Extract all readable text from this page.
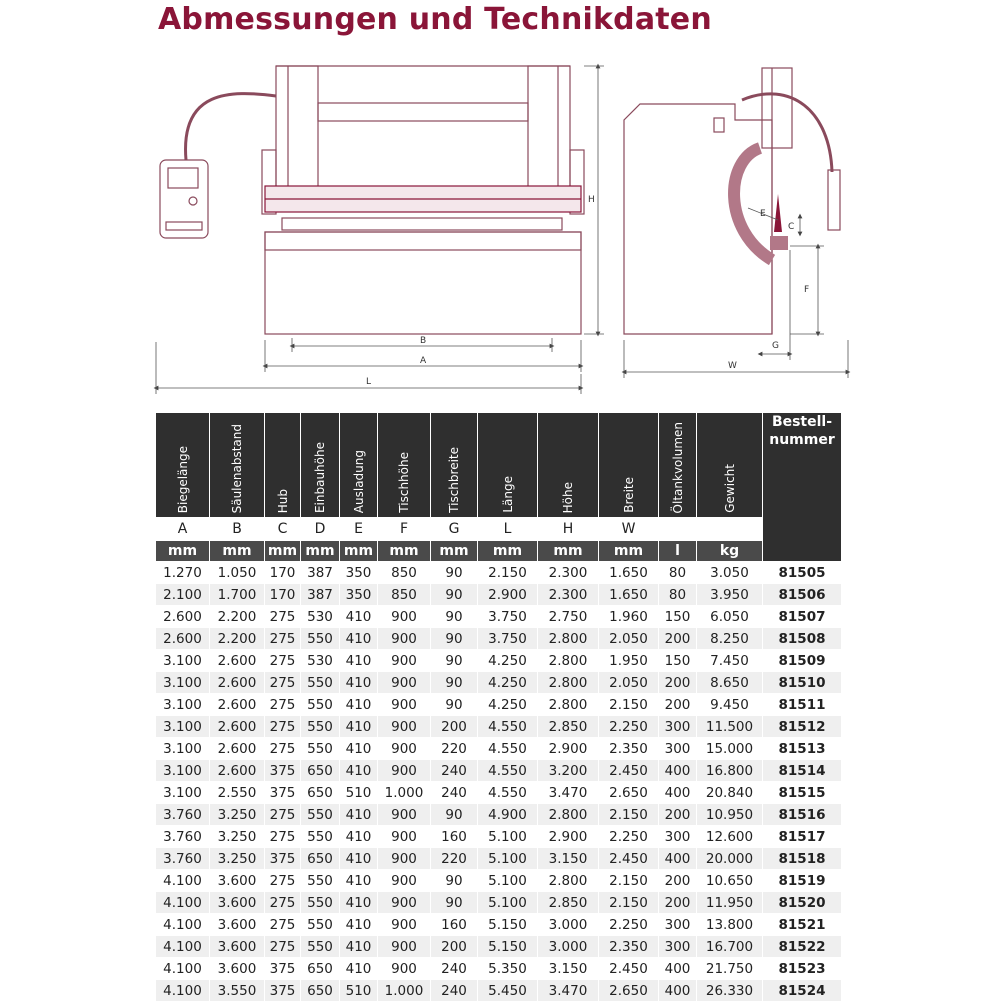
Abmessungen und Technikdaten
B
A
L
H
W
G
F
C
E
Biegelänge	Säulenabstand	Hub	Einbauhöhe	Ausladung	Tischhöhe	Tischbreite	Länge	Höhe	Breite	Öltankvolumen	Gewicht	Bestell-
nummer

A	B	C	D	E	F	G	L	H	W			
mm	mm	mm	mm	mm	mm	mm	mm	mm	mm	l	kg	
1.270	1.050	170	387	350	850	90	2.150	2.300	1.650	80	3.050	81505
2.100	1.700	170	387	350	850	90	2.900	2.300	1.650	80	3.950	81506
2.600	2.200	275	530	410	900	90	3.750	2.750	1.960	150	6.050	81507
2.600	2.200	275	550	410	900	90	3.750	2.800	2.050	200	8.250	81508
3.100	2.600	275	530	410	900	90	4.250	2.800	1.950	150	7.450	81509
3.100	2.600	275	550	410	900	90	4.250	2.800	2.050	200	8.650	81510
3.100	2.600	275	550	410	900	90	4.250	2.800	2.150	200	9.450	81511
3.100	2.600	275	550	410	900	200	4.550	2.850	2.250	300	11.500	81512
3.100	2.600	275	550	410	900	220	4.550	2.900	2.350	300	15.000	81513
3.100	2.600	375	650	410	900	240	4.550	3.200	2.450	400	16.800	81514
3.100	2.550	375	650	510	1.000	240	4.550	3.470	2.650	400	20.840	81515
3.760	3.250	275	550	410	900	90	4.900	2.800	2.150	200	10.950	81516
3.760	3.250	275	550	410	900	160	5.100	2.900	2.250	300	12.600	81517
3.760	3.250	375	650	410	900	220	5.100	3.150	2.450	400	20.000	81518
4.100	3.600	275	550	410	900	90	5.100	2.800	2.150	200	10.650	81519
4.100	3.600	275	550	410	900	90	5.100	2.850	2.150	200	11.950	81520
4.100	3.600	275	550	410	900	160	5.150	3.000	2.250	300	13.800	81521
4.100	3.600	275	550	410	900	200	5.150	3.000	2.350	300	16.700	81522
4.100	3.600	375	650	410	900	240	5.350	3.150	2.450	400	21.750	81523
4.100	3.550	375	650	510	1.000	240	5.450	3.470	2.650	400	26.330	81524
